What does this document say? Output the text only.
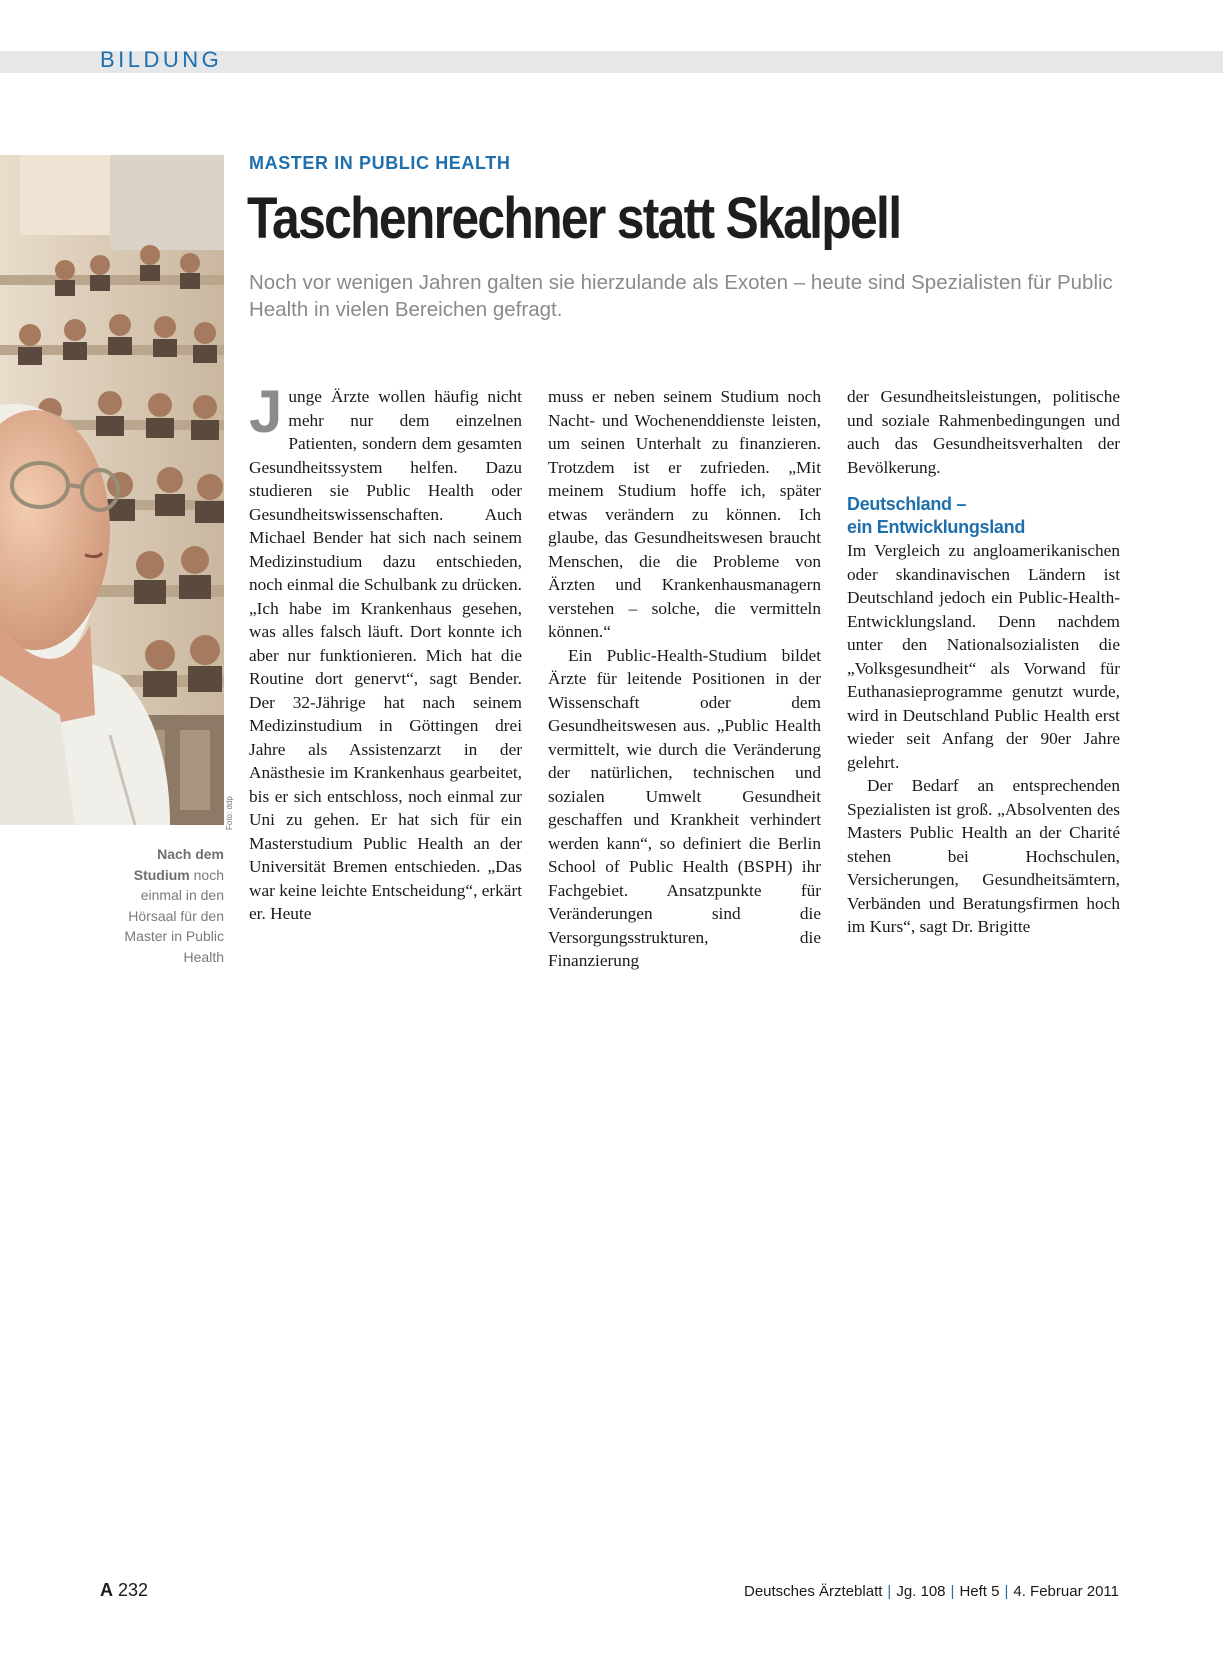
BILDUNG
Foto: ddp
Nach dem Studium noch einmal in den Hörsaal für den Master in Public Health
MASTER IN PUBLIC HEALTH
Taschenrechner statt Skalpell
Noch vor wenigen Jahren galten sie hierzulande als Exoten – heute sind Spezialisten für Public Health in vielen Bereichen gefragt.

Junge Ärzte wollen häufig nicht mehr nur dem einzelnen Patienten, sondern dem gesamten Gesundheitssystem helfen. Dazu studieren sie Public Health oder Gesundheitswissenschaften. Auch Michael Bender hat sich nach seinem Medizinstudium dazu entschieden, noch einmal die Schulbank zu drücken. „Ich habe im Krankenhaus gesehen, was alles falsch läuft. Dort konnte ich aber nur funktionieren. Mich hat die Routine dort genervt“, sagt Bender. Der 32-Jährige hat nach seinem Medizinstudium in Göttingen drei Jahre als Assistenzarzt in der Anästhesie im Krankenhaus gearbeitet, bis er sich entschloss, noch einmal zur Uni zu gehen. Er hat sich für ein Masterstudium Public Health an der Universität Bremen entschieden. „Das war keine leichte Entscheidung“, erkärt er. Heute

muss er neben seinem Studium noch Nacht- und Wochenenddienste leisten, um seinen Unterhalt zu finanzieren. Trotzdem ist er zufrieden. „Mit meinem Studium hoffe ich, später etwas verändern zu können. Ich glaube, das Gesundheitswesen braucht Menschen, die die Probleme von Ärzten und Krankenhausmanagern verstehen – solche, die vermitteln können.“

Ein Public-Health-Studium bildet Ärzte für leitende Positionen in der Wissenschaft oder dem Gesundheitswesen aus. „Public Health vermittelt, wie durch die Veränderung der natürlichen, technischen und sozialen Umwelt Gesundheit geschaffen und Krankheit verhindert werden kann“, so definiert die Berlin School of Public Health (BSPH) ihr Fachgebiet. Ansatzpunkte für Veränderungen sind die Versorgungsstrukturen, die Finanzierung

der Gesundheitsleistungen, politische und soziale Rahmenbedingungen und auch das Gesundheitsverhalten der Bevölkerung.

Deutschland –
ein Entwicklungsland

Im Vergleich zu angloamerikanischen oder skandinavischen Ländern ist Deutschland jedoch ein Public-Health-Entwicklungsland. Denn nachdem unter den Nationalsozialisten die „Volksgesundheit“ als Vorwand für Euthanasieprogramme genutzt wurde, wird in Deutschland Public Health erst wieder seit Anfang der 90er Jahre gelehrt.

Der Bedarf an entsprechenden Spezialisten ist groß. „Absolventen des Masters Public Health an der Charité stehen bei Hochschulen, Versicherungen, Gesundheitsämtern, Verbänden und Beratungsfirmen hoch im Kurs“, sagt Dr. Brigitte

A 232	Deutsches Ärzteblatt | Jg. 108 | Heft 5 | 4. Februar 2011
